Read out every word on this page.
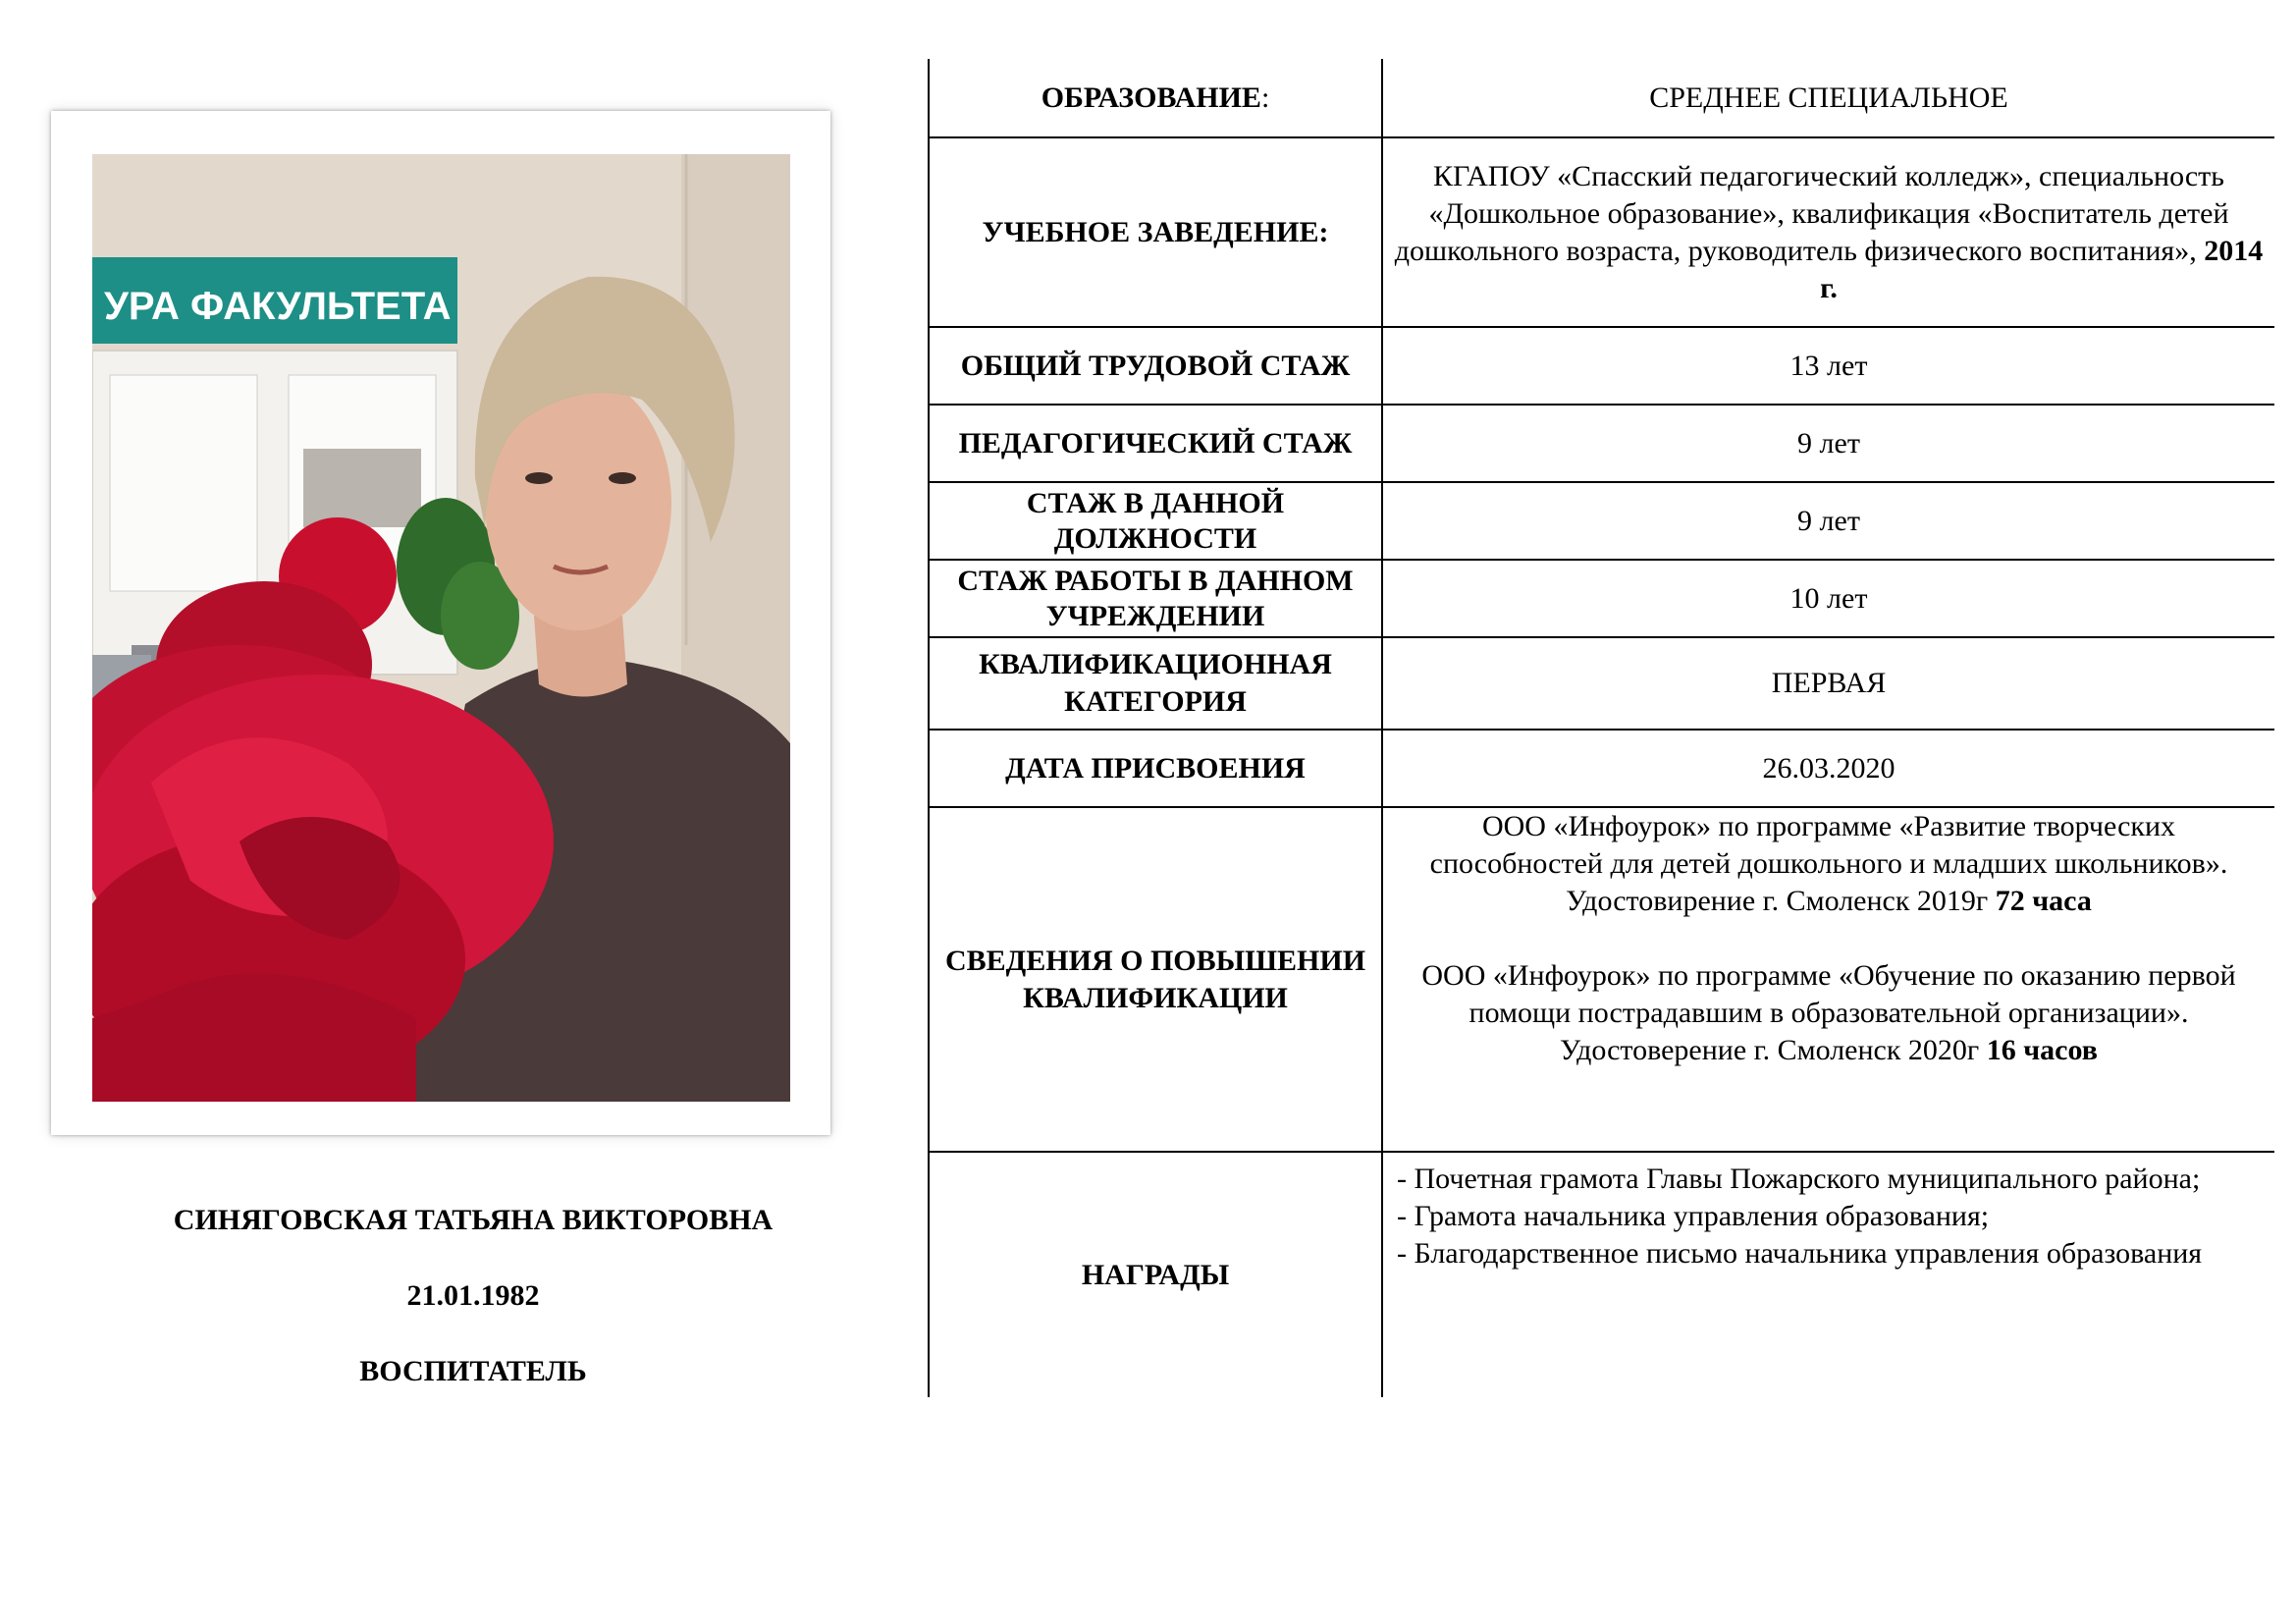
УРА ФАКУЛЬТЕТА
СИНЯГОВСКАЯ ТАТЬЯНА ВИКТОРОВНА
21.01.1982
ВОСПИТАТЕЛЬ
ОБРАЗОВАНИЕ:	СРЕДНЕЕ СПЕЦИАЛЬНОЕ
УЧЕБНОЕ ЗАВЕДЕНИЕ:	КГАПОУ «Спасский педагогический колледж», специальность «Дошкольное образование», квалификация «Воспитатель детей дошкольного возраста, руководитель физического воспитания», 2014 г.
ОБЩИЙ ТРУДОВОЙ СТАЖ	13 лет
ПЕДАГОГИЧЕСКИЙ СТАЖ	9 лет
СТАЖ В ДАННОЙ ДОЛЖНОСТИ	9 лет
СТАЖ РАБОТЫ В ДАННОМ УЧРЕЖДЕНИИ	10 лет
КВАЛИФИКАЦИОННАЯ КАТЕГОРИЯ	ПЕРВАЯ
ДАТА ПРИСВОЕНИЯ	26.03.2020
СВЕДЕНИЯ О ПОВЫШЕНИИ КВАЛИФИКАЦИИ	ООО «Инфоурок» по программе «Развитие творческих способностей для детей дошкольного и младших школьников». Удостовирение г. Смоленск 2019г 72 часа
ООО «Инфоурок» по программе «Обучение по оказанию первой помощи пострадавшим в образовательной организации». Удостоверение г. Смоленск 2020г 16 часов

НАГРАДЫ	- Почетная грамота Главы Пожарского муниципального района;
- Грамота начальника управления образования;
- Благодарственное письмо начальника управления образования
